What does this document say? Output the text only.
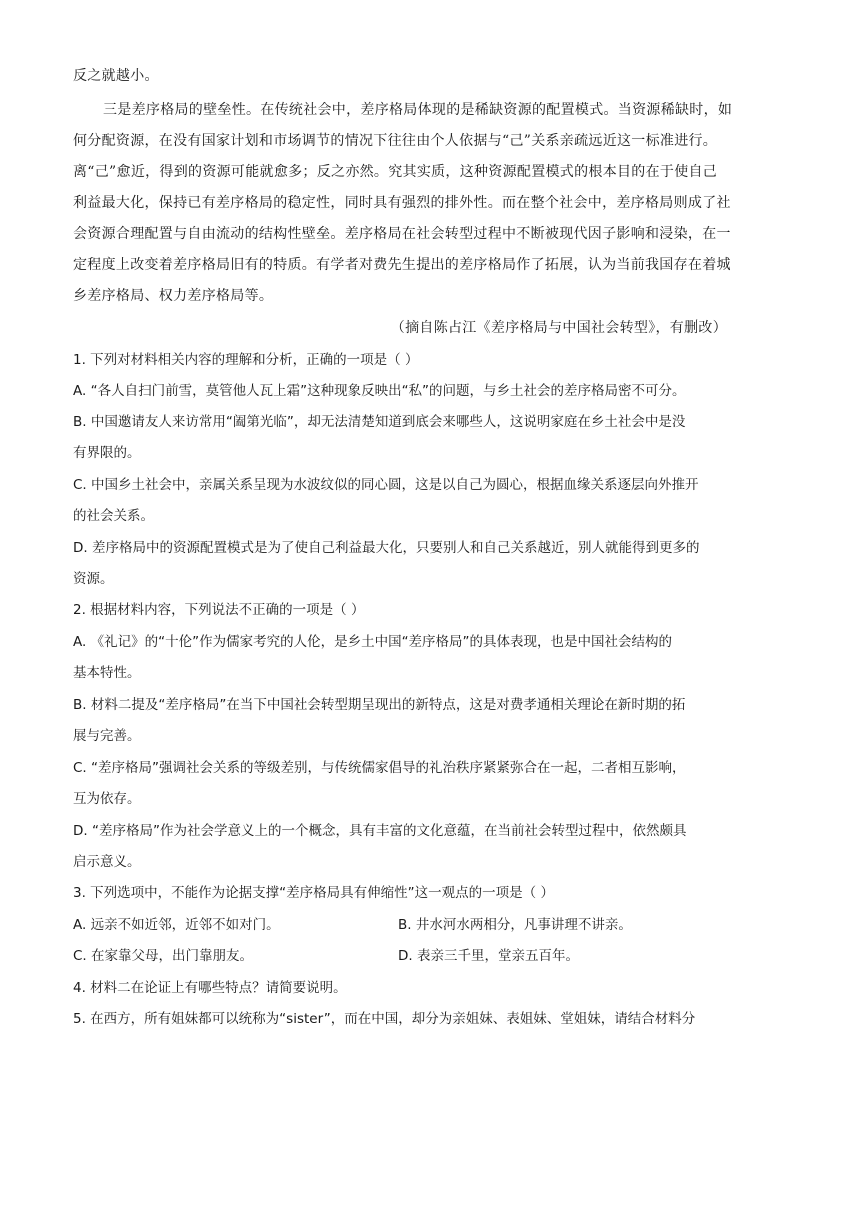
反之就越小。
三是差序格局的壁垒性。在传统社会中，差序格局体现的是稀缺资源的配置模式。当资源稀缺时，如
何分配资源，在没有国家计划和市场调节的情况下往往由个人依据与“己”关系亲疏远近这一标准进行。
离“己”愈近，得到的资源可能就愈多；反之亦然。究其实质，这种资源配置模式的根本目的在于使自己
利益最大化，保持已有差序格局的稳定性，同时具有强烈的排外性。而在整个社会中，差序格局则成了社
会资源合理配置与自由流动的结构性壁垒。差序格局在社会转型过程中不断被现代因子影响和浸染，在一
定程度上改变着差序格局旧有的特质。有学者对费先生提出的差序格局作了拓展，认为当前我国存在着城
乡差序格局、权力差序格局等。
（摘自陈占江《差序格局与中国社会转型》，有删改）
1. 下列对材料相关内容的理解和分析，正确的一项是（ ）
A. “各人自扫门前雪，莫管他人瓦上霜”这种现象反映出“私”的问题，与乡土社会的差序格局密不可分。
B. 中国邀请友人来访常用“阖第光临”，却无法清楚知道到底会来哪些人，这说明家庭在乡土社会中是没
有界限的。
C. 中国乡土社会中，亲属关系呈现为水波纹似的同心圆，这是以自己为圆心，根据血缘关系逐层向外推开
的社会关系。
D. 差序格局中的资源配置模式是为了使自己利益最大化，只要别人和自己关系越近，别人就能得到更多的
资源。
2. 根据材料内容，下列说法不正确的一项是（ ）
A. 《礼记》的“十伦”作为儒家考究的人伦，是乡土中国“差序格局”的具体表现，也是中国社会结构的
基本特性。
B. 材料二提及“差序格局”在当下中国社会转型期呈现出的新特点，这是对费孝通相关理论在新时期的拓
展与完善。
C. “差序格局”强调社会关系的等级差别，与传统儒家倡导的礼治秩序紧紧弥合在一起，二者相互影响，
互为依存。
D. “差序格局”作为社会学意义上的一个概念，具有丰富的文化意蕴，在当前社会转型过程中，依然颇具
启示意义。
3. 下列选项中，不能作为论据支撑“差序格局具有伸缩性”这一观点的一项是（ ）
A. 远亲不如近邻，近邻不如对门。	B. 井水河水两相分，凡事讲理不讲亲。
C. 在家靠父母，出门靠朋友。	D. 表亲三千里，堂亲五百年。
4. 材料二在论证上有哪些特点？请简要说明。
5. 在西方，所有姐妹都可以统称为“sister”，而在中国，却分为亲姐妹、表姐妹、堂姐妹，请结合材料分
